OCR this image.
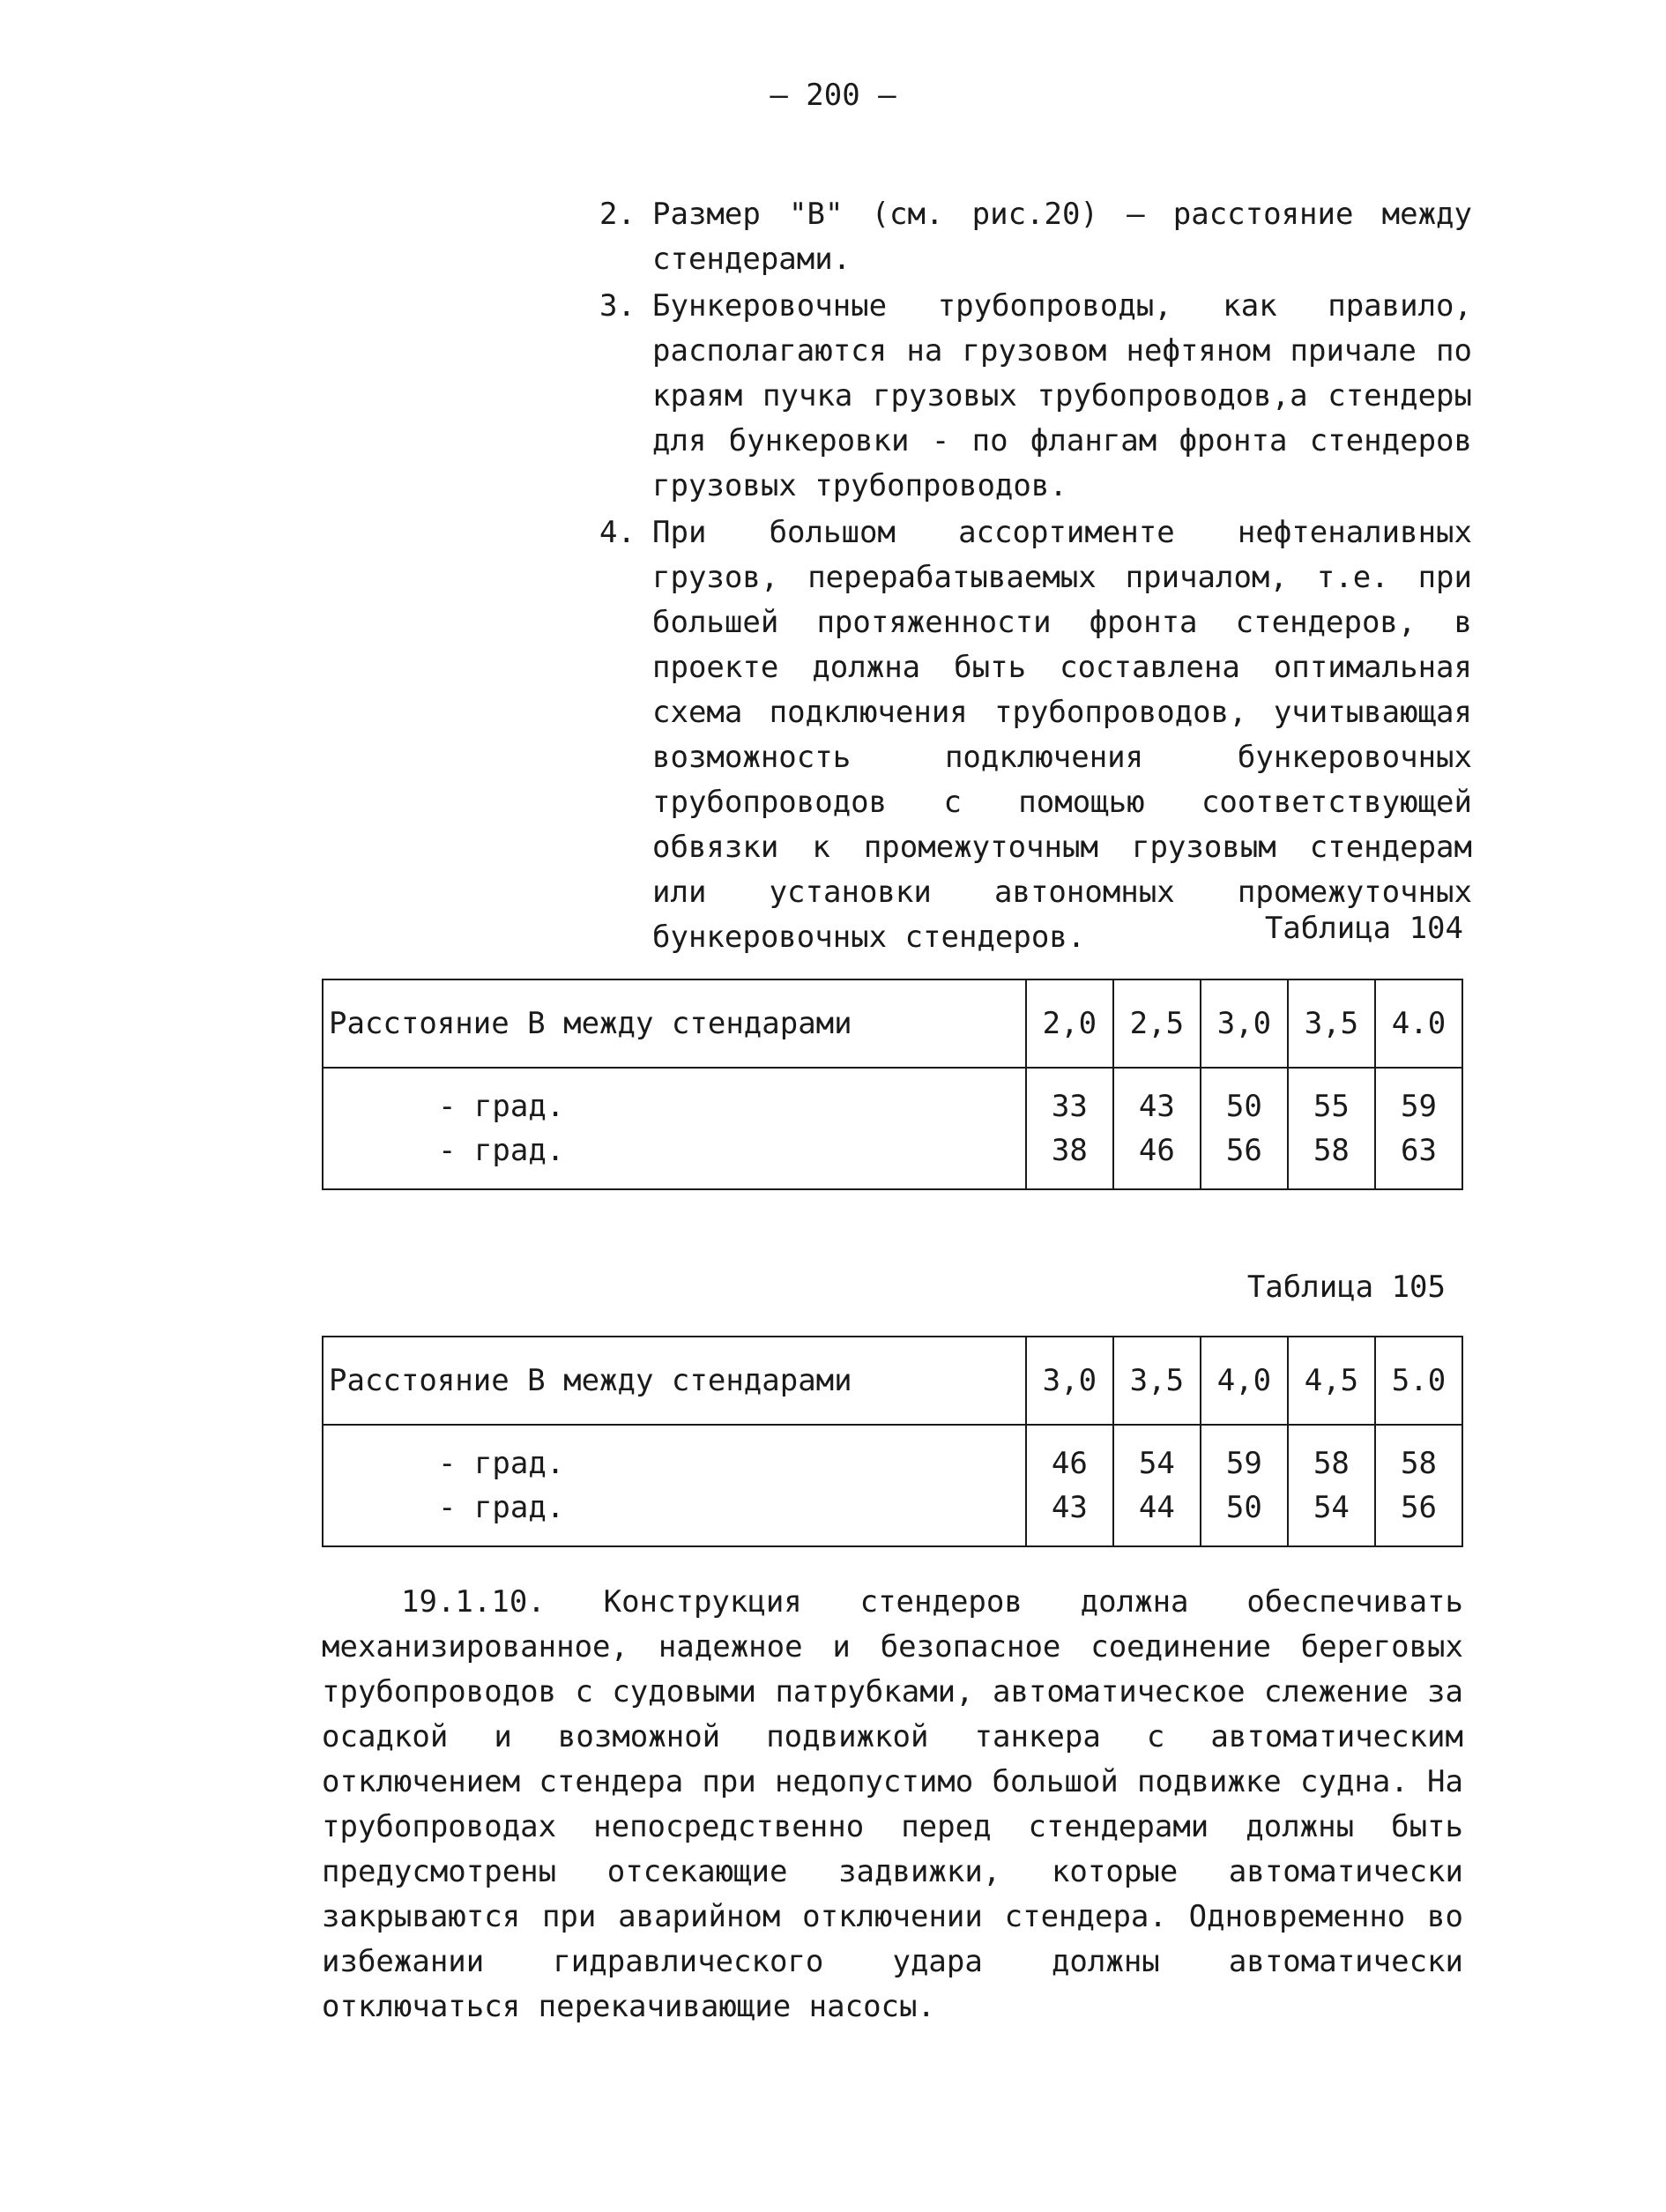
– 200 –
2. Размер "В" (см. рис.20) – расстояние между стендерами.
3. Бункеровочные трубопроводы, как правило, располагаются на грузовом нефтяном причале по краям пучка грузовых трубопроводов,а стендеры для бункеровки - по флангам фронта стендеров грузовых трубопроводов.
4. При большом ассортименте нефтеналивных грузов, перерабатываемых причалом, т.е. при большей протяженности фронта стендеров, в проекте должна быть составлена оптимальная схема подключения трубопроводов, учитывающая возможность подключения бункеровочных трубопроводов с помощью соответствующей обвязки к промежуточным грузовым стендерам или установки автономных промежуточных бункеровочных стендеров.	Таблица 104
Расстояние В между стендарами	2,0	2,5	3,0	3,5	4.0
- град.	33	43	50	55	59
- град.	38	46	56	58	63
Таблица 105
Расстояние В между стендарами	3,0	3,5	4,0	4,5	5.0
- град.	46	54	59	58	58
- град.	43	44	50	54	56
19.1.10. Конструкция стендеров должна обеспечивать механизированное, надежное и безопасное соединение береговых трубопроводов с судовыми патрубками, автоматическое слежение за осадкой и возможной подвижкой танкера с автоматическим отключением стендера при недопустимо большой подвижке судна. На трубопроводах непосредственно перед стендерами должны быть предусмотрены отсекающие задвижки, которые автоматически закрываются при аварийном отключении стендера. Одновременно во избежании гидравлического удара должны автоматически отключаться перекачивающие насосы.
